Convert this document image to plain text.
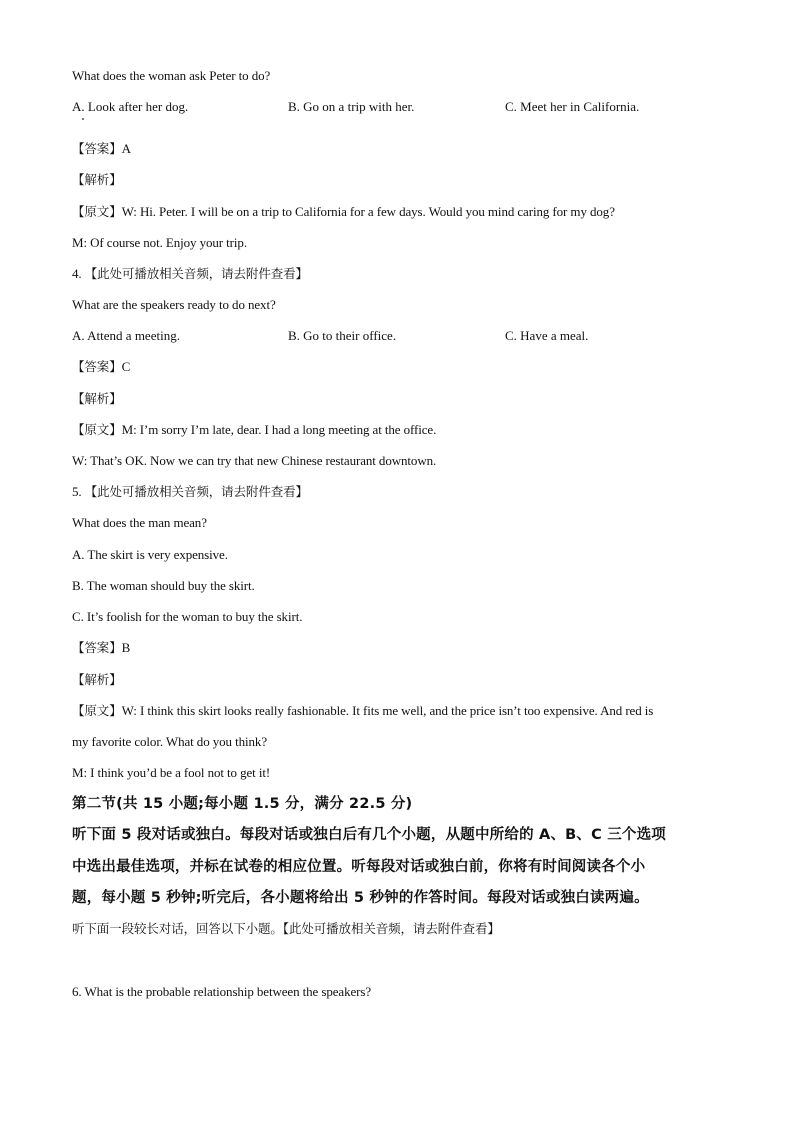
What does the woman ask Peter to do?
A. Look after her dog.	B. Go on a trip with her.	C. Meet her in California.
【答案】A
【解析】
【原文】W: Hi. Peter. I will be on a trip to California for a few days. Would you mind caring for my dog?
M: Of course not. Enjoy your trip.
4. 【此处可播放相关音频，请去附件查看】
What are the speakers ready to do next?
A. Attend a meeting.	B. Go to their office.	C. Have a meal.
【答案】C
【解析】
【原文】M: I’m sorry I’m late, dear. I had a long meeting at the office.
W: That’s OK. Now we can try that new Chinese restaurant downtown.
5. 【此处可播放相关音频，请去附件查看】
What does the man mean?
A. The skirt is very expensive.
B. The woman should buy the skirt.
C. It’s foolish for the woman to buy the skirt.
【答案】B
【解析】
【原文】W: I think this skirt looks really fashionable. It fits me well, and the price isn’t too expensive. And red is
my favorite color. What do you think?
M: I think you’d be a fool not to get it!
第二节(共 15 小题;每小题 1.5 分，满分 22.5 分)
听下面 5 段对话或独白。每段对话或独白后有几个小题，从题中所给的 A、B、C 三个选项
中选出最佳选项，并标在试卷的相应位置。听每段对话或独白前，你将有时间阅读各个小
题，每小题 5 秒钟;听完后，各小题将给出 5 秒钟的作答时间。每段对话或独白读两遍。
听下面一段较长对话，回答以下小题。【此处可播放相关音频，请去附件查看】
6. What is the probable relationship between the speakers?
